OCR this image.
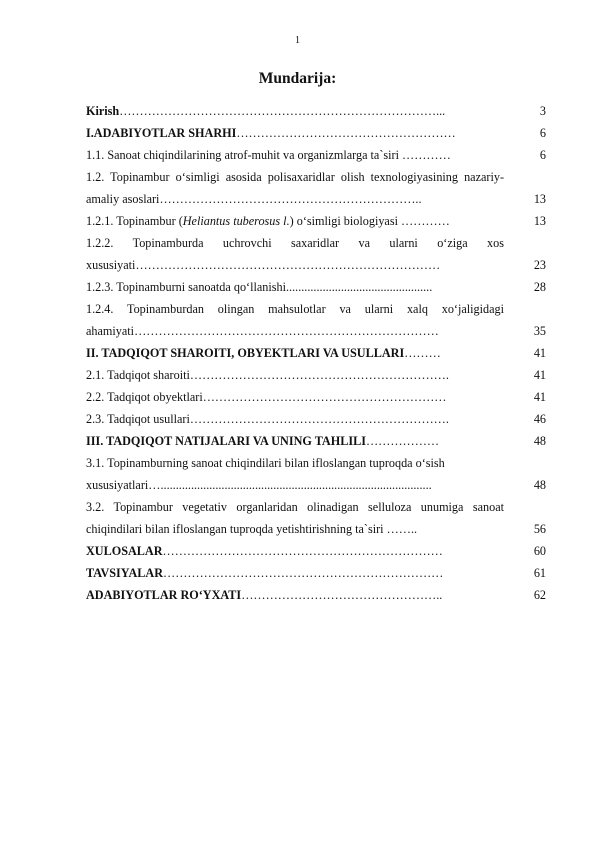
1
Mundarija:
Kirish……………………………………………………………………...	3
I.ADABIYOTLAR SHARHI………………………………………………	6
1.1. Sanoat chiqindilarining atrof-muhit va organizmlarga ta`siri …………	6
1.2. Topinambur o‘simligi asosida polisaxaridlar olish texnologiyasining nazariy-amaliy asoslari………………………………………………………..	13
1.2.1. Topinambur (Heliantus tuberosus l.) o‘simligi biologiyasi …………	13
1.2.2. Topinamburda uchrovchi saxaridlar va ularni o‘ziga xos xususiyati…………………………………………………………………	23
1.2.3. Topinamburni sanoatda qo‘llanishi................................................	28
1.2.4. Topinamburdan olingan mahsulotlar va ularni xalq xo‘jaligidagi ahamiyati…………………………………………………………………	35
II. TADQIQOT SHAROITI, OBYEKTLARI VA USULLARI………	41
2.1. Tadqiqot sharoiti……………………………………………………….	41
2.2. Tadqiqot obyektlari……………………………………………………	41
2.3. Tadqiqot usullari……………………………………………………….	46
III. TADQIQOT NATIJALARI VA UNING TAHLILI………………	48
3.1. Topinamburning sanoat chiqindilari bilan ifloslangan tuproqda o‘sish xususiyatlari….........................................................................................	48
3.2. Topinambur vegetativ organlaridan olinadigan selluloza unumiga sanoat chiqindilari bilan ifloslangan tuproqda yetishtirishning ta`siri ……..	56
XULOSALAR……………………………………………………………	60
TAVSIYALAR……………………………………………………………	61
ADABIYOTLAR RO‘YXATI…………………………………………..	62
